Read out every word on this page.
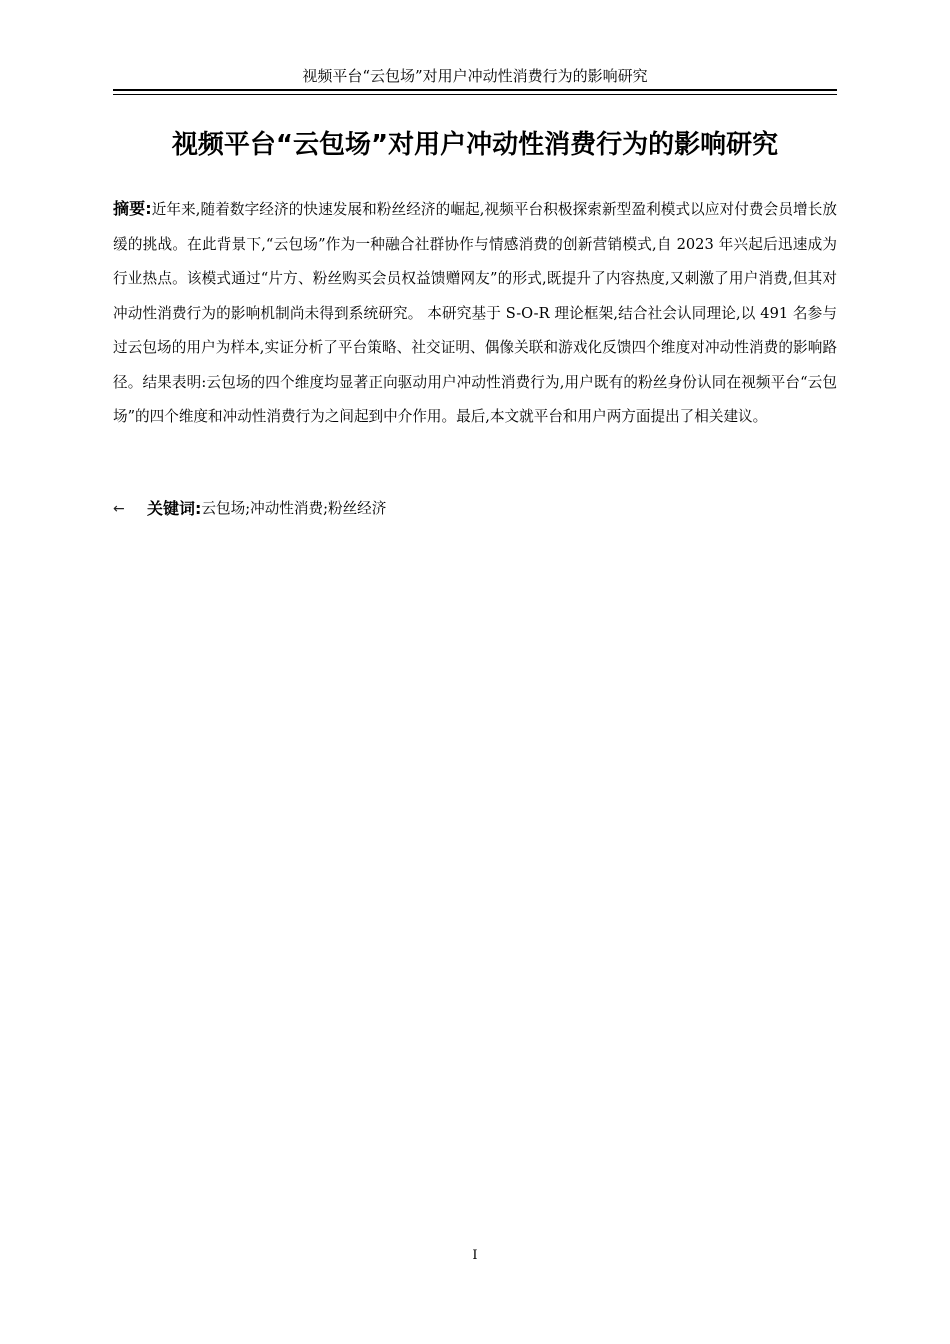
视频平台“云包场”对用户冲动性消费行为的影响研究
视频平台“云包场”对用户冲动性消费行为的影响研究

摘要:近年来,随着数字经济的快速发展和粉丝经济的崛起,视频平台积极探索新型盈利模式以应对付费会员增长放缓的挑战。在此背景下,“云包场”作为一种融合社群协作与情感消费的创新营销模式,自 2023 年兴起后迅速成为行业热点。该模式通过“片方、粉丝购买会员权益馈赠网友”的形式,既提升了内容热度,又刺激了用户消费,但其对冲动性消费行为的影响机制尚未得到系统研究。 本研究基于 S-O-R 理论框架,结合社会认同理论,以 491 名参与过云包场的用户为样本,实证分析了平台策略、社交证明、偶像关联和游戏化反馈四个维度对冲动性消费的影响路径。结果表明:云包场的四个维度均显著正向驱动用户冲动性消费行为,用户既有的粉丝身份认同在视频平台“云包场”的四个维度和冲动性消费行为之间起到中介作用。最后,本文就平台和用户两方面提出了相关建议。

←	关键词: 云包场;冲动性消费;粉丝经济
I
